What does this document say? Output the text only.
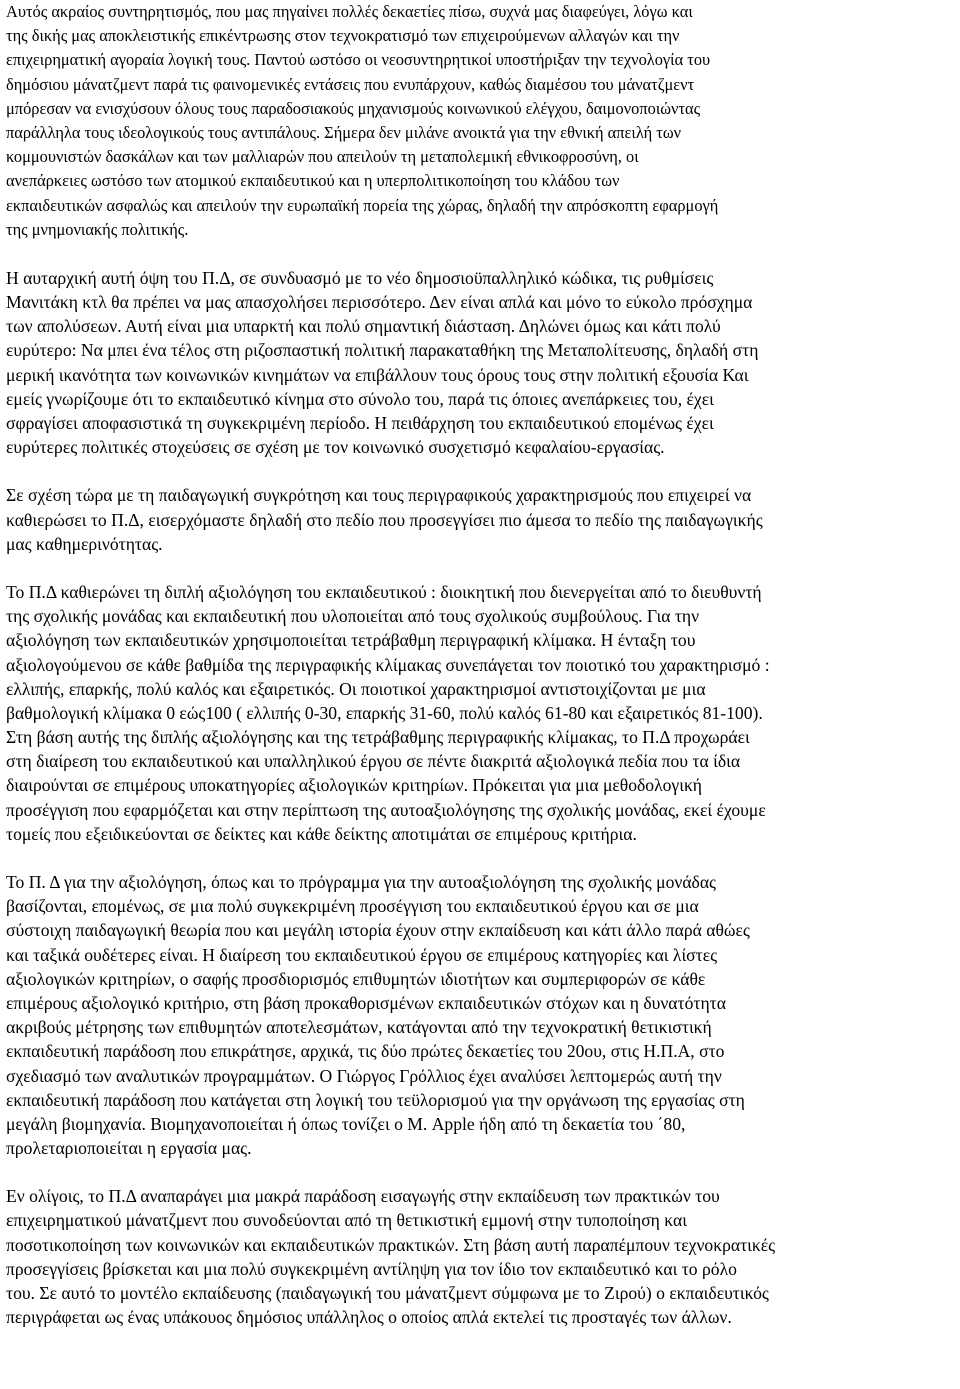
Αυτός ακραίος συντηρητισμός, που μας πηγαίνει πολλές δεκαετίες πίσω, συχνά μας διαφεύγει, λόγω και
της δικής μας αποκλειστικής επικέντρωσης στον τεχνοκρατισμό των επιχειρούμενων αλλαγών και την
επιχειρηματική αγοραία λογική τους. Παντού ωστόσο οι νεοσυντηρητικοί υποστήριξαν την τεχνολογία του
δημόσιου μάνατζμεντ παρά τις φαινομενικές εντάσεις που ενυπάρχουν, καθώς διαμέσου του μάνατζμεντ
μπόρεσαν να ενισχύσουν όλους τους παραδοσιακούς μηχανισμούς κοινωνικού ελέγχου, δαιμονοποιώντας
παράλληλα τους ιδεολογικούς τους αντιπάλους. Σήμερα δεν μιλάνε ανοικτά για την εθνική απειλή των
κομμουνιστών δασκάλων και των μαλλιαρών που απειλούν τη μεταπολεμική εθνικοφροσύνη, οι
ανεπάρκειες ωστόσο των ατομικού εκπαιδευτικού και η υπερπολιτικοποίηση του κλάδου των
εκπαιδευτικών ασφαλώς και απειλούν την ευρωπαϊκή πορεία της χώρας, δηλαδή την απρόσκοπτη εφαρμογή
της μνημονιακής πολιτικής.
Η αυταρχική αυτή όψη του Π.Δ, σε συνδυασμό με το νέο δημοσιοϋπαλληλικό κώδικα, τις ρυθμίσεις
Μανιτάκη κτλ θα πρέπει να μας απασχολήσει περισσότερο. Δεν είναι απλά και μόνο το εύκολο πρόσχημα
των απολύσεων. Αυτή είναι μια υπαρκτή και πολύ σημαντική διάσταση. Δηλώνει όμως και κάτι πολύ
ευρύτερο: Να μπει ένα τέλος στη ριζοσπαστική πολιτική παρακαταθήκη της Μεταπολίτευσης, δηλαδή στη
μερική ικανότητα των κοινωνικών κινημάτων να επιβάλλουν τους όρους τους στην πολιτική εξουσία Και
εμείς γνωρίζουμε ότι το εκπαιδευτικό κίνημα στο σύνολο του, παρά τις όποιες ανεπάρκειες του, έχει
σφραγίσει αποφασιστικά τη συγκεκριμένη περίοδο. Η πειθάρχηση του εκπαιδευτικού επομένως έχει
ευρύτερες πολιτικές στοχεύσεις σε σχέση με τον κοινωνικό συσχετισμό κεφαλαίου-εργασίας.
Σε σχέση τώρα με τη παιδαγωγική συγκρότηση και τους περιγραφικούς χαρακτηρισμούς που επιχειρεί να
καθιερώσει το Π.Δ, εισερχόμαστε δηλαδή στο πεδίο που προσεγγίσει πιο άμεσα το πεδίο της παιδαγωγικής
μας καθημερινότητας.
Το Π.Δ καθιερώνει τη διπλή αξιολόγηση του εκπαιδευτικού : διοικητική που διενεργείται από το διευθυντή
της σχολικής μονάδας και εκπαιδευτική που υλοποιείται από τους σχολικούς συμβούλους. Για την
αξιολόγηση των εκπαιδευτικών χρησιμοποιείται τετράβαθμη περιγραφική κλίμακα. Η ένταξη του
αξιολογούμενου σε κάθε βαθμίδα της περιγραφικής κλίμακας συνεπάγεται τον ποιοτικό του χαρακτηρισμό :
ελλιπής, επαρκής, πολύ καλός και εξαιρετικός. Οι ποιοτικοί χαρακτηρισμοί αντιστοιχίζονται με μια
βαθμολογική κλίμακα 0 εώς100 ( ελλιπής 0-30, επαρκής 31-60, πολύ καλός 61-80 και εξαιρετικός 81-100).
Στη βάση αυτής της διπλής αξιολόγησης και της τετράβαθμης περιγραφικής κλίμακας, το Π.Δ προχωράει
στη διαίρεση του εκπαιδευτικού και υπαλληλικού έργου σε πέντε διακριτά αξιολογικά πεδία που τα ίδια
διαιρούνται σε επιμέρους υποκατηγορίες αξιολογικών κριτηρίων. Πρόκειται για μια μεθοδολογική
προσέγγιση που εφαρμόζεται και στην περίπτωση της αυτοαξιολόγησης της σχολικής μονάδας, εκεί έχουμε
τομείς που εξειδικεύονται σε δείκτες και κάθε δείκτης αποτιμάται σε επιμέρους κριτήρια.
Το Π. Δ για την αξιολόγηση, όπως και το πρόγραμμα για την αυτοαξιολόγηση της σχολικής μονάδας
βασίζονται, επομένως, σε μια πολύ συγκεκριμένη προσέγγιση του εκπαιδευτικού έργου και σε μια
σύστοιχη παιδαγωγική θεωρία που και μεγάλη ιστορία έχουν στην εκπαίδευση και κάτι άλλο παρά αθώες
και ταξικά ουδέτερες είναι. Η διαίρεση του εκπαιδευτικού έργου σε επιμέρους κατηγορίες και λίστες
αξιολογικών κριτηρίων, ο σαφής προσδιορισμός επιθυμητών ιδιοτήτων και συμπεριφορών σε κάθε
επιμέρους αξιολογικό κριτήριο, στη βάση προκαθορισμένων εκπαιδευτικών στόχων και η δυνατότητα
ακριβούς μέτρησης των επιθυμητών αποτελεσμάτων, κατάγονται από την τεχνοκρατική θετικιστική
εκπαιδευτική παράδοση που επικράτησε, αρχικά, τις δύο πρώτες δεκαετίες του 20ου, στις Η.Π.Α, στο
σχεδιασμό των αναλυτικών προγραμμάτων. Ο Γιώργος Γρόλλιος έχει αναλύσει λεπτομερώς αυτή την
εκπαιδευτική παράδοση που κατάγεται στη λογική του τεϋλορισμού για την οργάνωση της εργασίας στη
μεγάλη βιομηχανία. Βιομηχανοποιείται ή όπως τονίζει ο Μ. Apple ήδη από τη δεκαετία του ΄80,
προλεταριοποιείται η εργασία μας.
Εν ολίγοις, το Π.Δ αναπαράγει μια μακρά παράδοση εισαγωγής στην εκπαίδευση των πρακτικών του
επιχειρηματικού μάνατζμεντ που συνοδεύονται από τη θετικιστική εμμονή στην τυποποίηση και
ποσοτικοποίηση των κοινωνικών και εκπαιδευτικών πρακτικών. Στη βάση αυτή παραπέμπουν τεχνοκρατικές
προσεγγίσεις βρίσκεται και μια πολύ συγκεκριμένη αντίληψη για τον ίδιο τον εκπαιδευτικό και το ρόλο
του. Σε αυτό το μοντέλο εκπαίδευσης (παιδαγωγική του μάνατζμεντ σύμφωνα με το Ζιρού) ο εκπαιδευτικός
περιγράφεται ως ένας υπάκουος δημόσιος υπάλληλος ο οποίος απλά εκτελεί τις προσταγές των άλλων.
